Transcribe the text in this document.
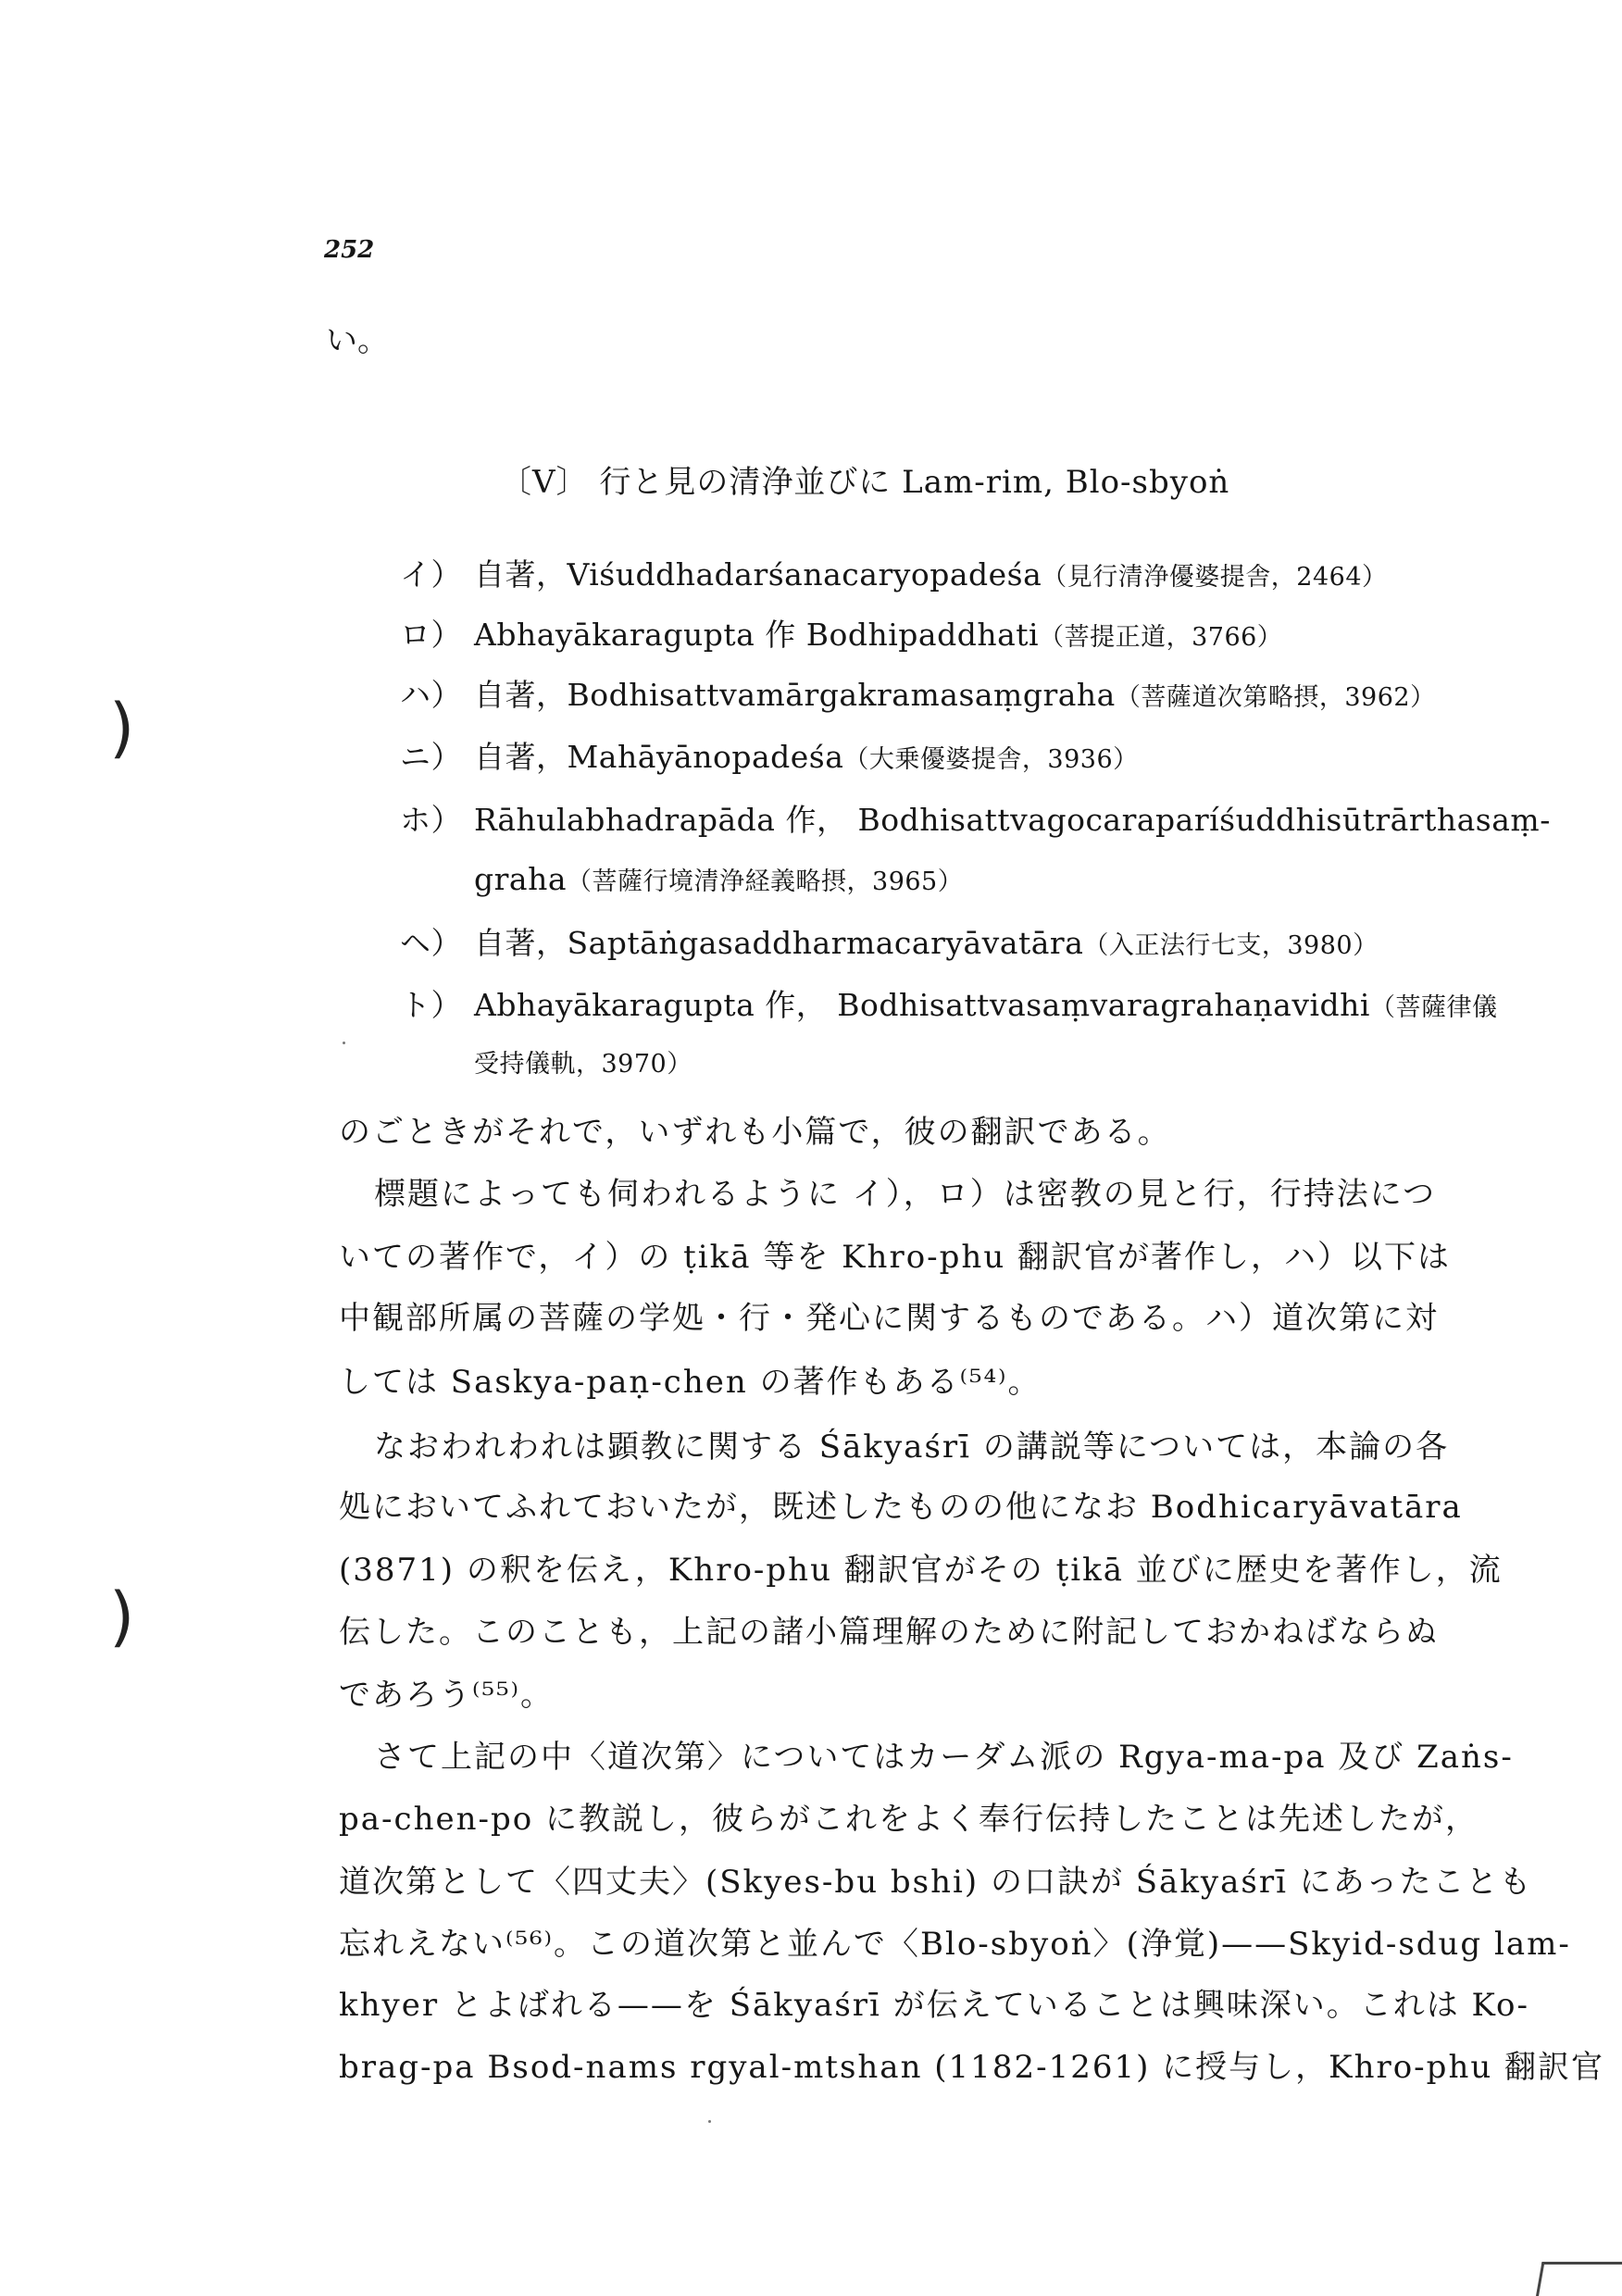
252
い。
〔V〕 行と見の清浄並びに Lam-rim, Blo-sbyoṅ
イ） 自著，Viśuddhadarśanacaryopadeśa（見行清浄優婆提舎，2464）
ロ） Abhayākaragupta 作 Bodhipaddhati（菩提正道，3766）
ハ） 自著，Bodhisattvamārgakramasaṃgraha（菩薩道次第略摂，3962）
ニ） 自著，Mahāyānopadeśa（大乗優婆提舎，3936）
ホ） Rāhulabhadrapāda 作， Bodhisattvagocaraparíśuddhisūtrārthasaṃ-
graha（菩薩行境清浄経義略摂，3965）
ヘ） 自著，Saptāṅgasaddharmacaryāvatāra（入正法行七支，3980）
ト） Abhayākaragupta 作， Bodhisattvasaṃvaragrahaṇavidhi（菩薩律儀
受持儀軌，3970）
のごときがそれで，いずれも小篇で，彼の翻訳である。
標題によっても伺われるように イ），ロ）は密教の見と行，行持法につ
いての著作で，イ）の ṭikā 等を Khro-phu 翻訳官が著作し，ハ）以下は
中観部所属の菩薩の学処・行・発心に関するものである。ハ）道次第に対
しては Saskya-paṇ-chen の著作もある⁽⁵⁴⁾。
なおわれわれは顕教に関する Śākyaśrī の講説等については，本論の各
処においてふれておいたが，既述したものの他になお Bodhicaryāvatāra
(3871) の釈を伝え，Khro-phu 翻訳官がその ṭikā 並びに歴史を著作し，流
伝した。このことも，上記の諸小篇理解のために附記しておかねばならぬ
であろう⁽⁵⁵⁾。
さて上記の中〈道次第〉についてはカーダム派の Rgya-ma-pa 及び Zaṅs-
pa-chen-po に教説し，彼らがこれをよく奉行伝持したことは先述したが，
道次第として〈四丈夫〉(Skyes-bu bshi) の口訣が Śākyaśrī にあったことも
忘れえない⁽⁵⁶⁾。この道次第と並んで〈Blo-sbyoṅ〉(浄覚)——Skyid-sdug lam-
khyer とよばれる——を Śākyaśrī が伝えていることは興味深い。これは Ko-
brag-pa Bsod-nams rgyal-mtshan (1182-1261) に授与し，Khro-phu 翻訳官
)
)
